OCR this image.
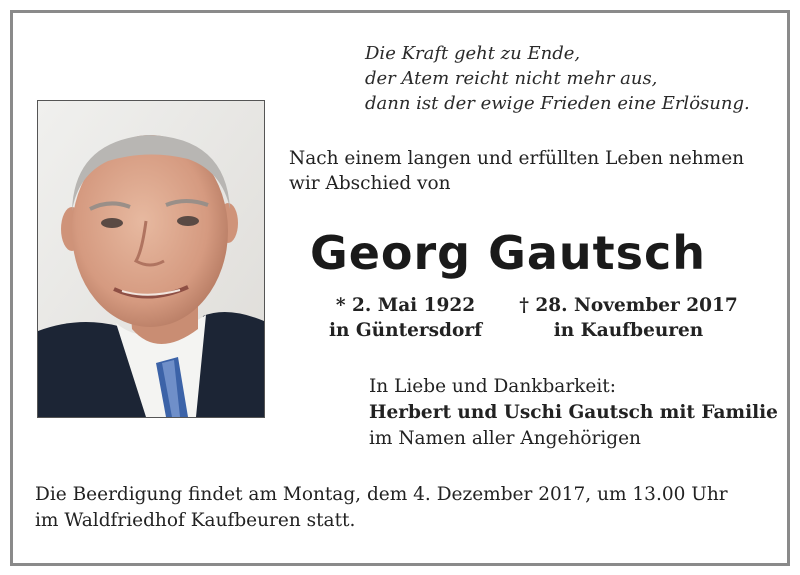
Die Kraft geht zu Ende,
der Atem reicht nicht mehr aus,
dann ist der ewige Frieden eine Erlösung.
Nach einem langen und erfüllten Leben nehmen
wir Abschied von
Georg Gautsch
* 2. Mai 1922
in Güntersdorf
† 28. November 2017
in Kaufbeuren
In Liebe und Dankbarkeit:
Herbert und Uschi Gautsch mit Familie
im Namen aller Angehörigen
Die Beerdigung findet am Montag, dem 4. Dezember 2017, um 13.00 Uhr
im Waldfriedhof Kaufbeuren statt.
